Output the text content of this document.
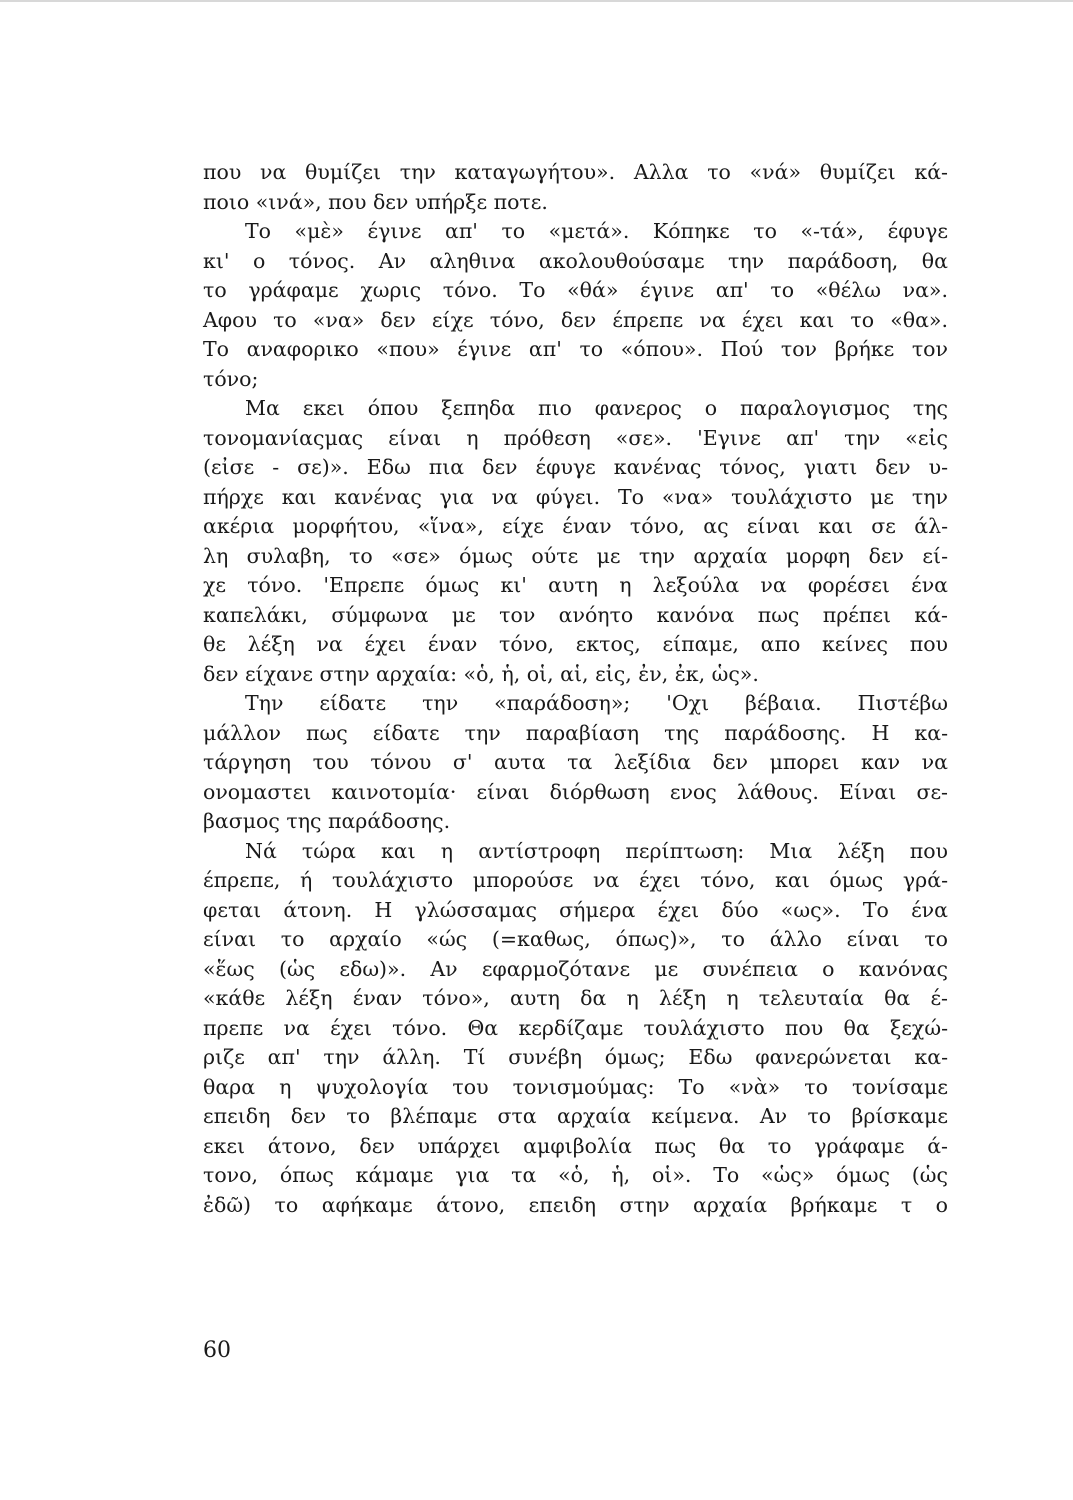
που να θυμίζει την καταγωγήτου». Αλλα το «νά» θυμίζει κά-
ποιο «ινά», που δεν υπήρξε ποτε.
Το «μὲ» έγινε απ' το «μετά». Κόπηκε το «-τά», έφυγε
κι' ο τόνος. Αν αληθινα ακολουθούσαμε την παράδοση, θα
το γράφαμε χωρις τόνο. Το «θά» έγινε απ' το «θέλω να».
Αφου το «να» δεν είχε τόνο, δεν έπρεπε να έχει και το «θα».
Το αναφορικο «που» έγινε απ' το «όπου». Πού τον βρήκε τον
τόνο;
Μα εκει όπου ξεπηδα πιο φανερος ο παραλογισμος της
τονομανίαςμας είναι η πρόθεση «σε». 'Εγινε απ' την «εἰς
(εἰσε - σε)». Εδω πια δεν έφυγε κανένας τόνος, γιατι δεν υ-
πήρχε και κανένας για να φύγει. Το «να» τουλάχιστο με την
ακέρια μορφήτου, «ἵνα», είχε έναν τόνο, ας είναι και σε άλ-
λη συλαβη, το «σε» όμως ούτε με την αρχαία μορφη δεν εί-
χε τόνο. 'Επρεπε όμως κι' αυτη η λεξούλα να φορέσει ένα
καπελάκι, σύμφωνα με τον ανόητο κανόνα πως πρέπει κά-
θε λέξη να έχει έναν τόνο, εκτος, είπαμε, απο κείνες που
δεν είχανε στην αρχαία: «ὁ, ἡ, οἱ, αἱ, εἰς, ἐν, ἐκ, ὡς».
Την είδατε την «παράδοση»; 'Οχι βέβαια. Πιστέβω
μάλλον πως είδατε την παραβίαση της παράδοσης. Η κα-
τάργηση του τόνου σ' αυτα τα λεξίδια δεν μπορει καν να
ονομαστει καινοτομία· είναι διόρθωση ενος λάθους. Είναι σε-
βασμος της παράδοσης.
Νά τώρα και η αντίστροφη περίπτωση: Μια λέξη που
έπρεπε, ή τουλάχιστο μπορούσε να έχει τόνο, και όμως γρά-
φεται άτονη. Η γλώσσαμας σήμερα έχει δύο «ως». Το ένα
είναι το αρχαίο «ώς (=καθως, όπως)», το άλλο είναι το
«ἕως (ὡς εδω)». Αν εφαρμοζότανε με συνέπεια ο κανόνας
«κάθε λέξη έναν τόνο», αυτη δα η λέξη η τελευταία θα έ-
πρεπε να έχει τόνο. Θα κερδίζαμε τουλάχιστο που θα ξεχώ-
ριζε απ' την άλλη. Τί συνέβη όμως; Εδω φανερώνεται κα-
θαρα η ψυχολογία του τονισμούμας: Το «νὰ» το τονίσαμε
επειδη δεν το βλέπαμε στα αρχαία κείμενα. Αν το βρίσκαμε
εκει άτονο, δεν υπάρχει αμφιβολία πως θα το γράφαμε ά-
τονο, όπως κάμαμε για τα «ὁ, ἡ, οἱ». Το «ὡς» όμως (ὡς
ἐδῶ) το αφήκαμε άτονο, επειδη στην αρχαία βρήκαμε τ ο
60
